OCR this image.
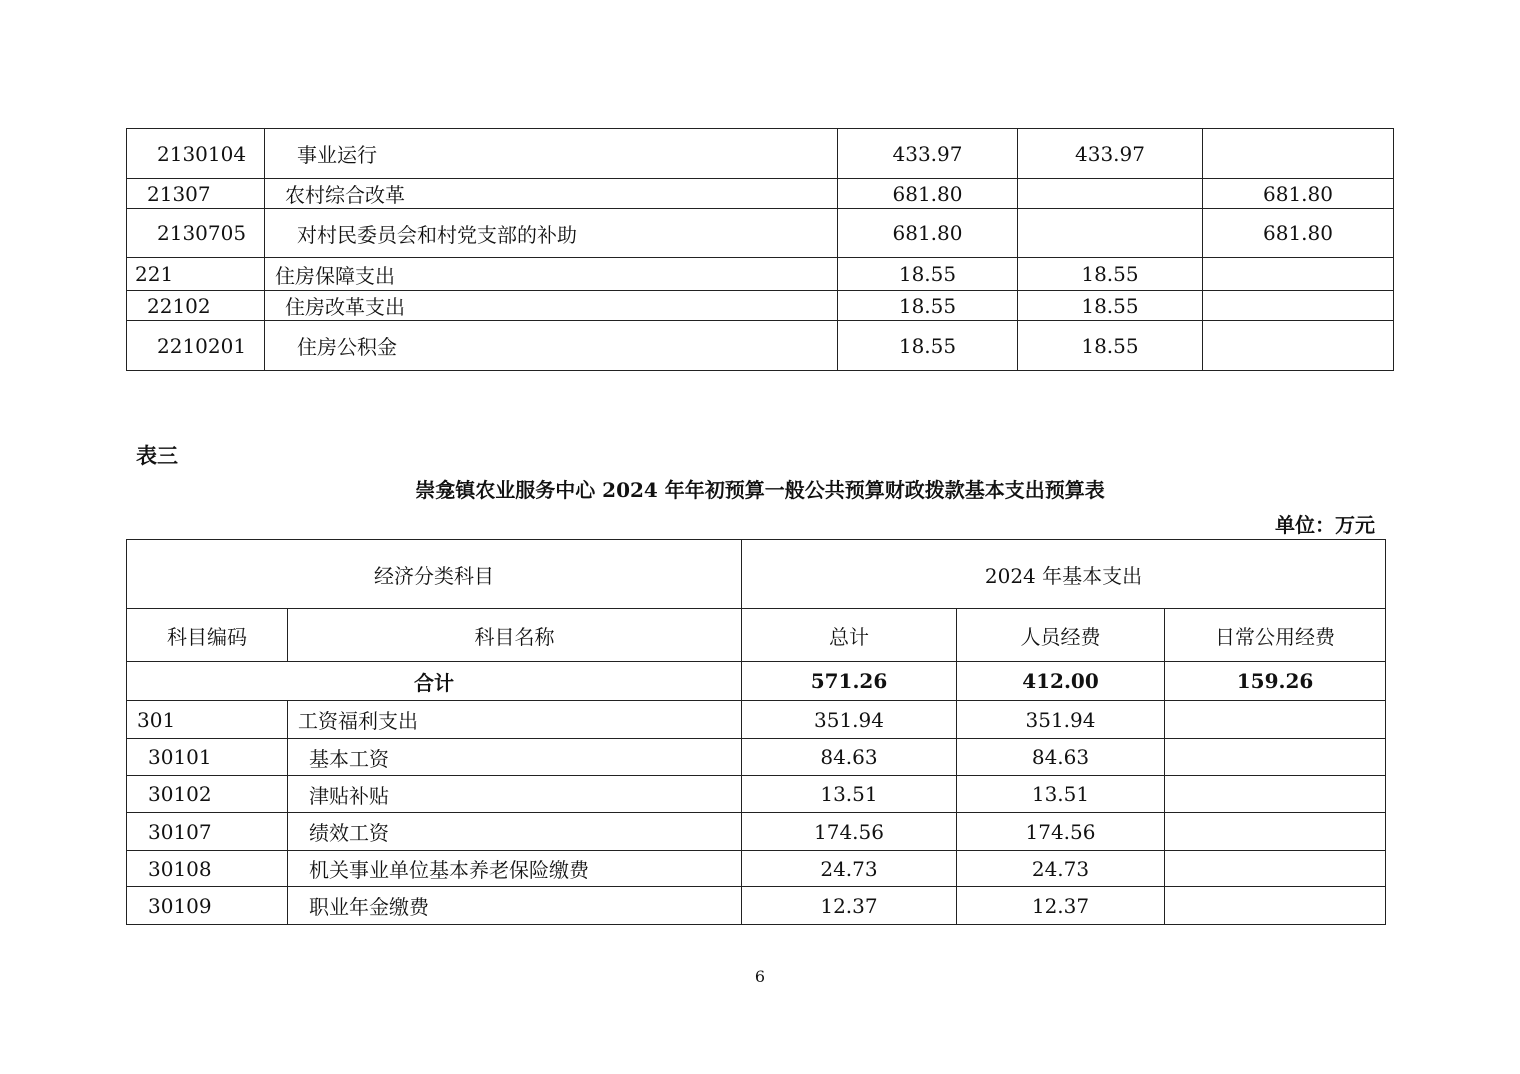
2130104	事业运行	433.97	433.97	
21307	农村综合改革	681.80		681.80
2130705	对村民委员会和村党支部的补助	681.80		681.80
221	住房保障支出	18.55	18.55	
22102	住房改革支出	18.55	18.55	
2210201	住房公积金	18.55	18.55	
表三
崇龛镇农业服务中心 2024 年年初预算一般公共预算财政拨款基本支出预算表
单位：万元
经济分类科目		2024 年基本支出		
科目编码	科目名称	总计	人员经费	日常公用经费
合计		571.26	412.00	159.26
301	工资福利支出	351.94	351.94	
30101	基本工资	84.63	84.63	
30102	津贴补贴	13.51	13.51	
30107	绩效工资	174.56	174.56	
30108	机关事业单位基本养老保险缴费	24.73	24.73	
30109	职业年金缴费	12.37	12.37	
6
